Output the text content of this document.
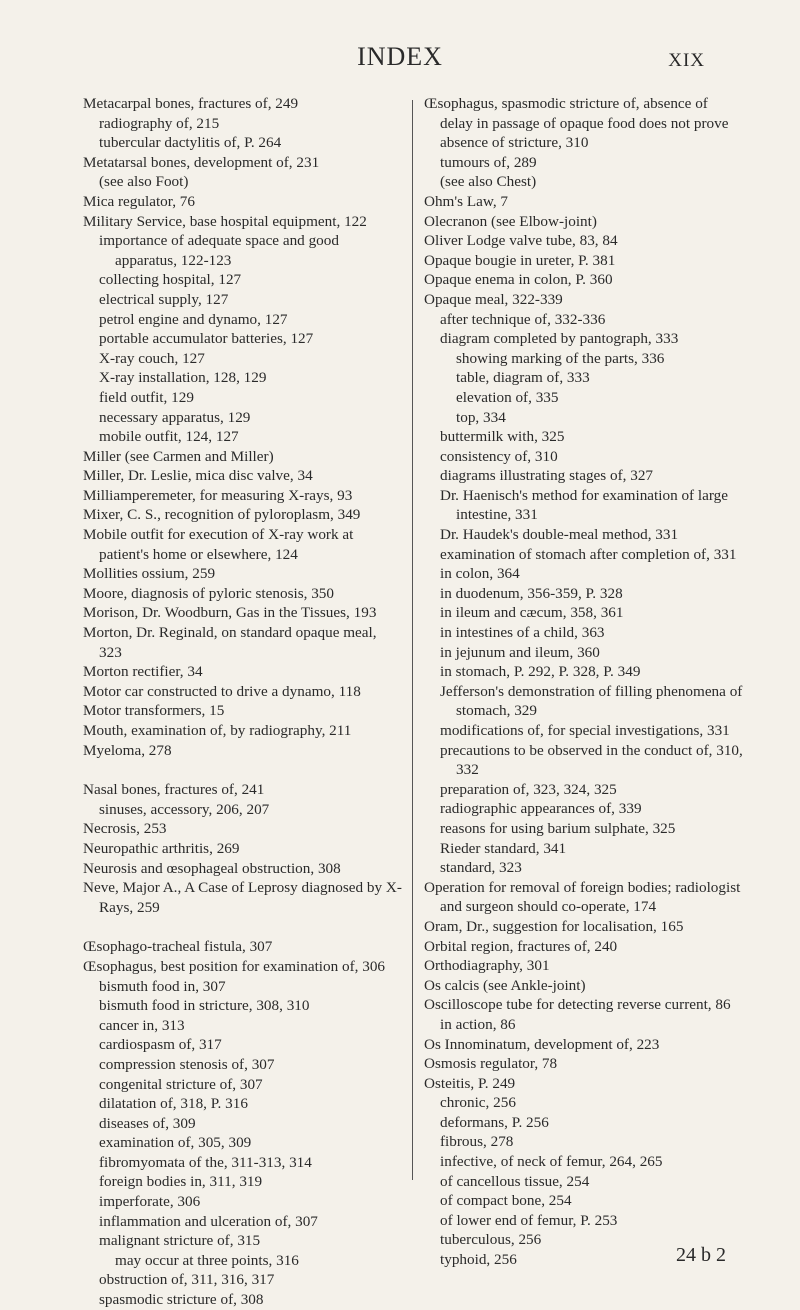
INDEX	XIX

Metacarpal bones, fractures of, 249

radiography of, 215

tubercular dactylitis of, P. 264

Metatarsal bones, development of, 231

(see also Foot)

Mica regulator, 76

Military Service, base hospital equipment, 122

importance of adequate space and good apparatus, 122-123

collecting hospital, 127

electrical supply, 127

petrol engine and dynamo, 127

portable accumulator batteries, 127

X-ray couch, 127

X-ray installation, 128, 129

field outfit, 129

necessary apparatus, 129

mobile outfit, 124, 127

Miller (see Carmen and Miller)

Miller, Dr. Leslie, mica disc valve, 34

Milliamperemeter, for measuring X-rays, 93

Mixer, C. S., recognition of pyloroplasm, 349

Mobile outfit for execution of X-ray work at patient's home or elsewhere, 124

Mollities ossium, 259

Moore, diagnosis of pyloric stenosis, 350

Morison, Dr. Woodburn, Gas in the Tissues, 193

Morton, Dr. Reginald, on standard opaque meal, 323

Morton rectifier, 34

Motor car constructed to drive a dynamo, 118

Motor transformers, 15

Mouth, examination of, by radiography, 211

Myeloma, 278

Nasal bones, fractures of, 241

sinuses, accessory, 206, 207

Necrosis, 253

Neuropathic arthritis, 269

Neurosis and œsophageal obstruction, 308

Neve, Major A., A Case of Leprosy diagnosed by X-Rays, 259

Œsophago-tracheal fistula, 307

Œsophagus, best position for examination of, 306

bismuth food in, 307

bismuth food in stricture, 308, 310

cancer in, 313

cardiospasm of, 317

compression stenosis of, 307

congenital stricture of, 307

dilatation of, 318, P. 316

diseases of, 309

examination of, 305, 309

fibromyomata of the, 311-313, 314

foreign bodies in, 311, 319

imperforate, 306

inflammation and ulceration of, 307

malignant stricture of, 315

may occur at three points, 316

obstruction of, 311, 316, 317

spasmodic stricture of, 308

Œsophagus, spasmodic stricture of, absence of delay in passage of opaque food does not prove absence of stricture, 310

tumours of, 289

(see also Chest)

Ohm's Law, 7

Olecranon (see Elbow-joint)

Oliver Lodge valve tube, 83, 84

Opaque bougie in ureter, P. 381

Opaque enema in colon, P. 360

Opaque meal, 322-339

after technique of, 332-336

diagram completed by pantograph, 333

showing marking of the parts, 336

table, diagram of, 333

elevation of, 335

top, 334

buttermilk with, 325

consistency of, 310

diagrams illustrating stages of, 327

Dr. Haenisch's method for examination of large intestine, 331

Dr. Haudek's double-meal method, 331

examination of stomach after completion of, 331

in colon, 364

in duodenum, 356-359, P. 328

in ileum and cæcum, 358, 361

in intestines of a child, 363

in jejunum and ileum, 360

in stomach, P. 292, P. 328, P. 349

Jefferson's demonstration of filling phenomena of stomach, 329

modifications of, for special investigations, 331

precautions to be observed in the conduct of, 310, 332

preparation of, 323, 324, 325

radiographic appearances of, 339

reasons for using barium sulphate, 325

Rieder standard, 341

standard, 323

Operation for removal of foreign bodies; radiologist and surgeon should co-operate, 174

Oram, Dr., suggestion for localisation, 165

Orbital region, fractures of, 240

Orthodiagraphy, 301

Os calcis (see Ankle-joint)

Oscilloscope tube for detecting reverse current, 86

in action, 86

Os Innominatum, development of, 223

Osmosis regulator, 78

Osteitis, P. 249

chronic, 256

deformans, P. 256

fibrous, 278

infective, of neck of femur, 264, 265

of cancellous tissue, 254

of compact bone, 254

of lower end of femur, P. 253

tuberculous, 256

typhoid, 256	24 b 2
